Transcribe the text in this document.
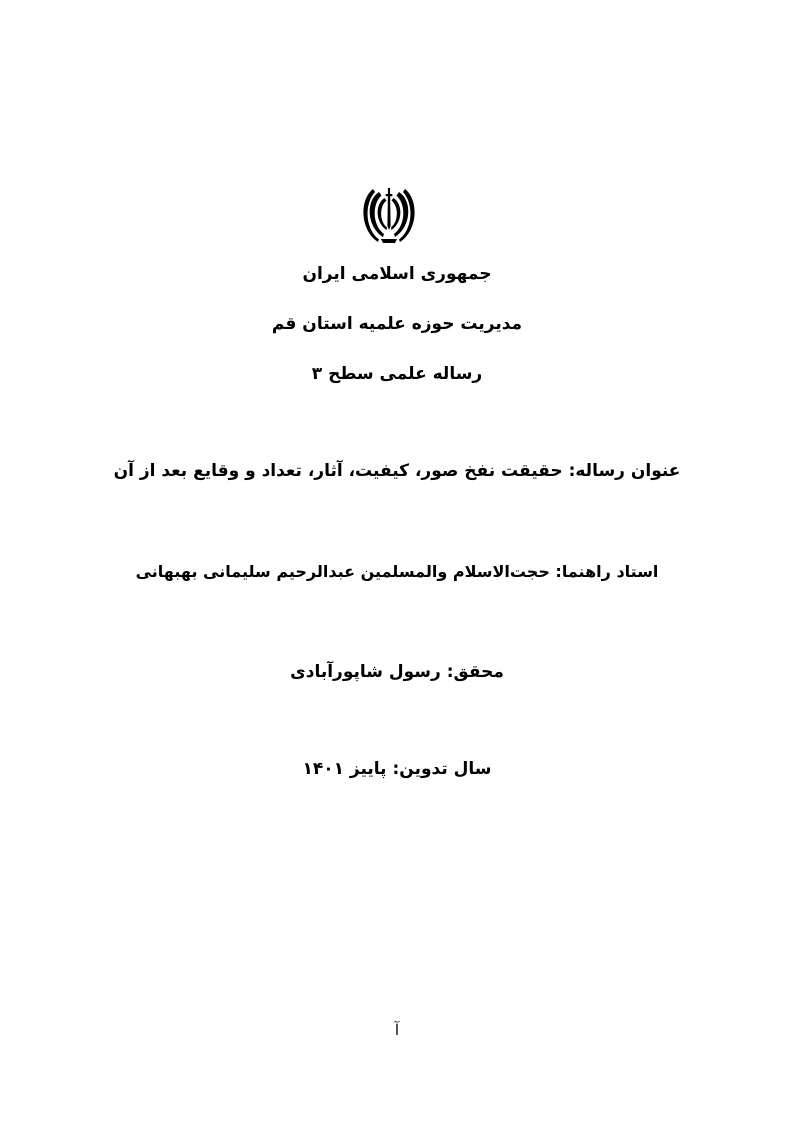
جمهوری اسلامی ایران
مدیریت حوزه علمیه استان قم
رساله علمی سطح ۳
عنوان رساله: حقیقت نفخ صور، کیفیت، آثار، تعداد و وقایع بعد از آن
استاد راهنما: حجت‌الاسلام والمسلمین عبدالرحیم سلیمانی بهبهانی
محقق: رسول شاپورآبادی
سال تدوین: پاییز ۱۴۰۱
آ
